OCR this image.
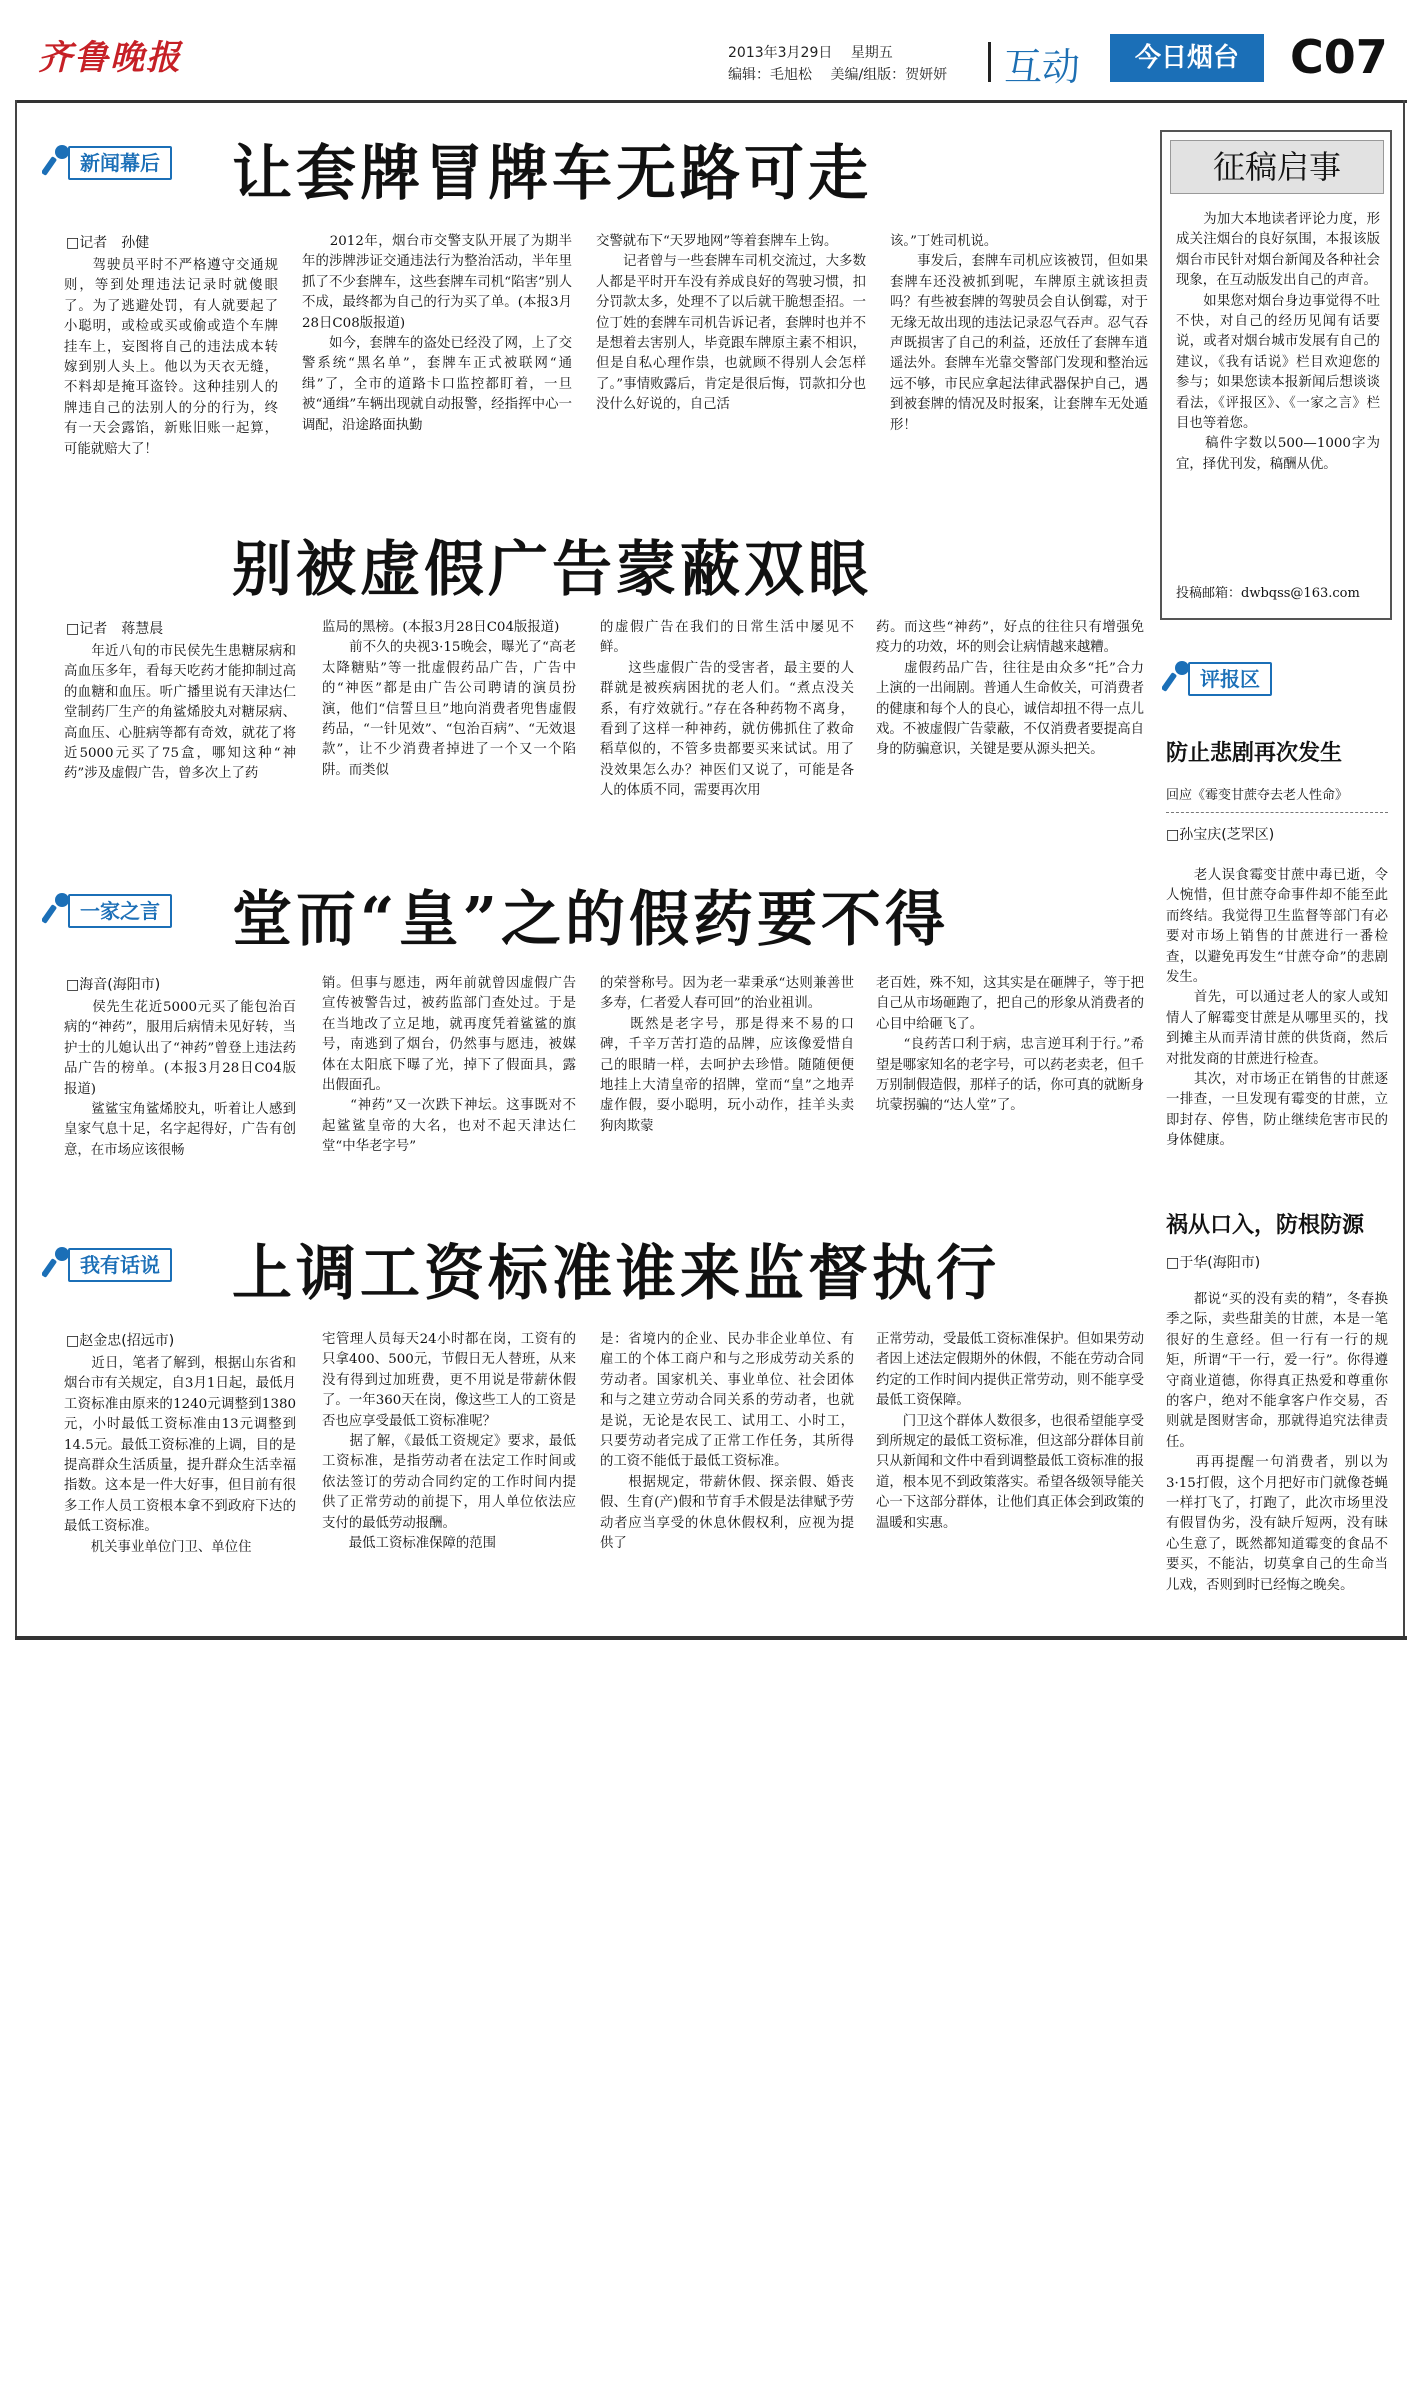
齐鲁晚报	2013年3月29日 星期五
编辑：毛旭松 美编/组版：贺妍妍	互动	今日烟台	C07
新闻幕后 让套牌冒牌车无路可走
□记者　孙健
　　驾驶员平时不严格遵守交通规则，等到处理违法记录时就傻眼了。为了逃避处罚，有人就要起了小聪明，或检或买或偷或造个车牌挂车上，妄图将自己的违法成本转嫁到别人头上。他以为天衣无缝，不料却是掩耳盗铃。这种挂别人的牌违自己的法别人的分的行为，终有一天会露馅，新账旧账一起算，可能就赔大了！
　　2012年，烟台市交警支队开展了为期半年的涉牌涉证交通违法行为整治活动，半年里抓了不少套牌车，这些套牌车司机“陷害”别人不成，最终都为自己的行为买了单。(本报3月28日C08版报道)
　　如今，套牌车的盗处已经没了网，上了交警系统“黑名单”，套牌车正式被联网“通缉”了，全市的道路卡口监控都盯着，一旦被“通缉”车辆出现就自动报警，经指挥中心一调配，沿途路面执勤
交警就布下“天罗地网”等着套牌车上钩。
　　记者曾与一些套牌车司机交流过，大多数人都是平时开车没有养成良好的驾驶习惯，扣分罚款太多，处理不了以后就干脆想歪招。一位丁姓的套牌车司机告诉记者，套牌时也并不是想着去害别人，毕竟跟车牌原主素不相识，但是自私心理作祟，也就顾不得别人会怎样了。”事情败露后，肯定是很后悔，罚款扣分也没什么好说的，自己活
该。”丁姓司机说。
　　事发后，套牌车司机应该被罚，但如果套牌车还没被抓到呢，车牌原主就该担责吗？有些被套牌的驾驶员会自认倒霉，对于无缘无故出现的违法记录忍气吞声。忍气吞声既损害了自己的利益，还放任了套牌车逍遥法外。套牌车光靠交警部门发现和整治远远不够，市民应拿起法律武器保护自己，遇到被套牌的情况及时报案，让套牌车无处遁形！
别被虚假广告蒙蔽双眼
□记者　蒋慧晨
　　年近八旬的市民侯先生患糖尿病和高血压多年，看每天吃药才能抑制过高的血糖和血压。听广播里说有天津达仁堂制药厂生产的角鲨烯胶丸对糖尿病、高血压、心脏病等都有奇效，就花了将近5000元买了75盒，哪知这种“神药”涉及虚假广告，曾多次上了药
监局的黑榜。(本报3月28日C04版报道)
　　前不久的央视3·15晚会，曝光了“高老太降糖贴”等一批虚假药品广告，广告中的“神医”都是由广告公司聘请的演员扮演，他们“信誓旦旦”地向消费者兜售虚假药品，“一针见效”、“包治百病”、“无效退款”，让不少消费者掉进了一个又一个陷阱。而类似
的虚假广告在我们的日常生活中屡见不鲜。
　　这些虚假广告的受害者，最主要的人群就是被疾病困扰的老人们。“煮点没关系，有疗效就行。”存在各种药物不离身，看到了这样一种神药，就仿佛抓住了救命稻草似的，不管多贵都要买来试试。用了没效果怎么办？神医们又说了，可能是各人的体质不同，需要再次用
药。而这些“神药”，好点的往往只有增强免疫力的功效，坏的则会让病情越来越糟。
　　虚假药品广告，往往是由众多“托”合力上演的一出闹剧。普通人生命攸关，可消费者的健康和每个人的良心，诚信却扭不得一点儿戏。不被虚假广告蒙蔽，不仅消费者要提高自身的防骗意识，关键是要从源头把关。
一家之言 堂而“皇”之的假药要不得
□海音(海阳市)
　　侯先生花近5000元买了能包治百病的“神药”，服用后病情未见好转，当护士的儿媳认出了“神药”曾登上违法药品广告的榜单。(本报3月28日C04版报道)
　　鲨鲨宝角鲨烯胶丸，听着让人感到皇家气息十足，名字起得好，广告有创意，在市场应该很畅
销。但事与愿违，两年前就曾因虚假广告宣传被警告过，被药监部门查处过。于是在当地改了立足地，就再度凭着鲨鲨的旗号，南逃到了烟台，仍然事与愿违，被媒体在太阳底下曝了光，掉下了假面具，露出假面孔。
　　“神药”又一次跌下神坛。这事既对不起鲨鲨皇帝的大名，也对不起天津达仁堂“中华老字号”
的荣誉称号。因为老一辈秉承“达则兼善世多寿，仁者爱人春可回”的治业祖训。
　　既然是老字号，那是得来不易的口碑，千辛万苦打造的品牌，应该像爱惜自己的眼睛一样，去呵护去珍惜。随随便便地挂上大清皇帝的招牌，堂而“皇”之地弄虚作假，耍小聪明，玩小动作，挂羊头卖狗肉欺蒙
老百姓，殊不知，这其实是在砸牌子，等于把自己从市场砸跑了，把自己的形象从消费者的心目中给砸飞了。
　　“良药苦口利于病，忠言逆耳利于行。”希望是哪家知名的老字号，可以药老卖老，但千万别制假造假，那样子的话，你可真的就断身坑蒙拐骗的“达人堂”了。
我有话说 上调工资标准谁来监督执行
□赵金忠(招远市)
　　近日，笔者了解到，根据山东省和烟台市有关规定，自3月1日起，最低月工资标准由原来的1240元调整到1380元，小时最低工资标准由13元调整到14.5元。最低工资标准的上调，目的是提高群众生活质量，提升群众生活幸福指数。这本是一件大好事，但目前有很多工作人员工资根本拿不到政府下达的最低工资标准。
　　机关事业单位门卫、单位住
宅管理人员每天24小时都在岗，工资有的只拿400、500元，节假日无人替班，从来没有得到过加班费，更不用说是带薪休假了。一年360天在岗，像这些工人的工资是否也应享受最低工资标准呢？
　　据了解，《最低工资规定》要求，最低工资标准，是指劳动者在法定工作时间或依法签订的劳动合同约定的工作时间内提供了正常劳动的前提下，用人单位依法应支付的最低劳动报酬。
　　最低工资标准保障的范围
是：省境内的企业、民办非企业单位、有雇工的个体工商户和与之形成劳动关系的劳动者。国家机关、事业单位、社会团体和与之建立劳动合同关系的劳动者，也就是说，无论是农民工、试用工、小时工，只要劳动者完成了正常工作任务，其所得的工资不能低于最低工资标准。
　　根据规定，带薪休假、探亲假、婚丧假、生育(产)假和节育手术假是法律赋予劳动者应当享受的休息休假权利，应视为提供了
正常劳动，受最低工资标准保护。但如果劳动者因上述法定假期外的休假，不能在劳动合同约定的工作时间内提供正常劳动，则不能享受最低工资保障。
　　门卫这个群体人数很多，也很希望能享受到所规定的最低工资标准，但这部分群体目前只从新闻和文件中看到调整最低工资标准的报道，根本见不到政策落实。希望各级领导能关心一下这部分群体，让他们真正体会到政策的温暖和实惠。
征稿启事
　　为加大本地读者评论力度，形成关注烟台的良好氛围，本报该版烟台市民针对烟台新闻及各种社会现象，在互动版发出自己的声音。
　　如果您对烟台身边事觉得不吐不快，对自己的经历见闻有话要说，或者对烟台城市发展有自己的建议，《我有话说》栏目欢迎您的参与；如果您读本报新闻后想谈谈看法，《评报区》、《一家之言》栏目也等着您。
　　稿件字数以500—1000字为宜，择优刊发，稿酬从优。
投稿邮箱：dwbqss@163.com
评报区
防止悲剧再次发生
回应《霉变甘蔗夺去老人性命》
□孙宝庆(芝罘区)
　　老人误食霉变甘蔗中毒已逝，令人惋惜，但甘蔗夺命事件却不能至此而终结。我觉得卫生监督等部门有必要对市场上销售的甘蔗进行一番检查，以避免再发生“甘蔗夺命”的悲剧发生。
　　首先，可以通过老人的家人或知情人了解霉变甘蔗是从哪里买的，找到摊主从而弄清甘蔗的供货商，然后对批发商的甘蔗进行检查。
　　其次，对市场正在销售的甘蔗逐一排查，一旦发现有霉变的甘蔗，立即封存、停售，防止继续危害市民的身体健康。
祸从口入，防根防源
□于华(海阳市)
　　都说“买的没有卖的精”，冬春换季之际，卖些甜美的甘蔗，本是一笔很好的生意经。但一行有一行的规矩，所谓“干一行，爱一行”。你得遵守商业道德，你得真正热爱和尊重你的客户，绝对不能拿客户作交易，否则就是图财害命，那就得追究法律责任。
　　再再提醒一句消费者，别以为3·15打假，这个月把好市门就像苍蝇一样打飞了，打跑了，此次市场里没有假冒伪劣，没有缺斤短两，没有昧心生意了，既然都知道霉变的食品不要买，不能沾，切莫拿自己的生命当儿戏，否则到时已经悔之晚矣。
